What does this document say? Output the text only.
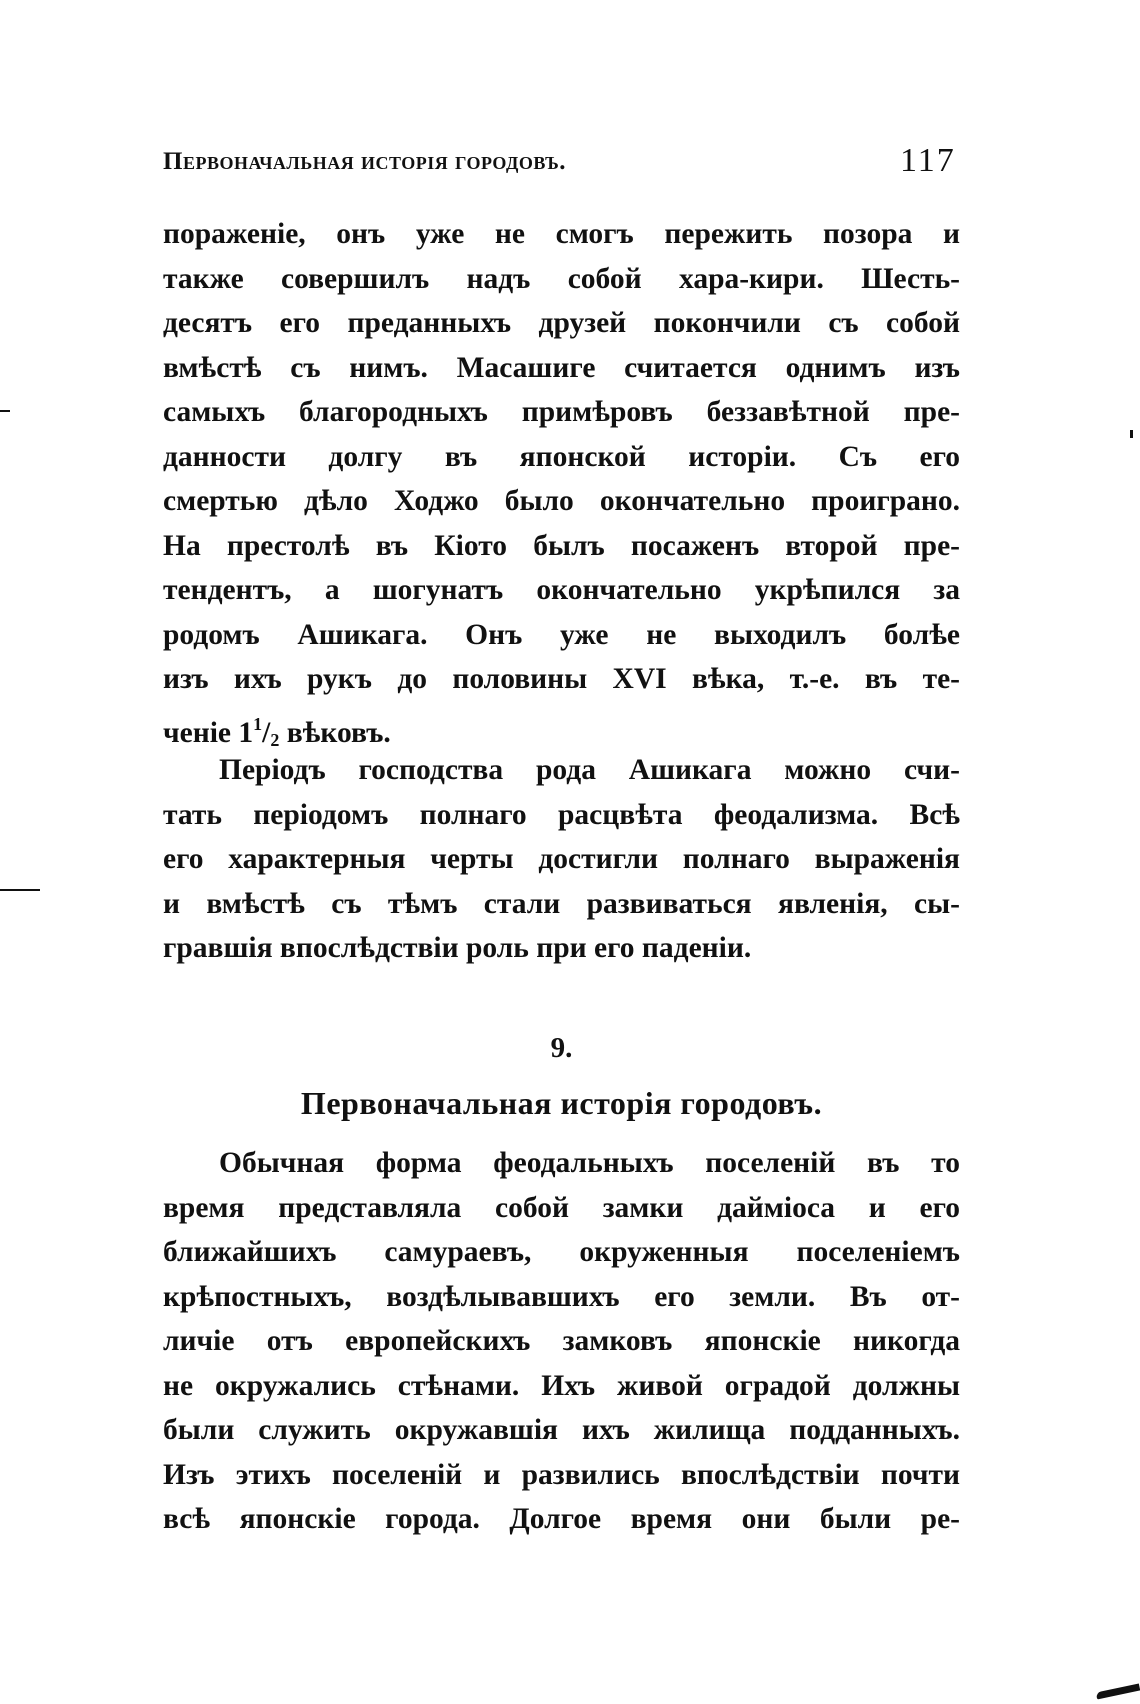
Первоначальная исторія городовъ.	117
пораженіе, онъ уже не смогъ пережить позора и
также совершилъ надъ собой хара-кири. Шесть-
десятъ его преданныхъ друзей покончили съ собой
вмѣстѣ съ нимъ. Масашиге считается однимъ изъ
самыхъ благородныхъ примѣровъ беззавѣтной пре-
данности долгу въ японской исторіи. Съ его
смертью дѣло Ходжо было окончательно проиграно.
На престолѣ въ Кіото былъ посаженъ второй пре-
тендентъ, а шогунатъ окончательно укрѣпился за
родомъ Ашикага. Онъ уже не выходилъ болѣе
изъ ихъ рукъ до половины XVI вѣка, т.-е. въ те-
ченіе $1^1/_2$ вѣковъ.
Періодъ господства рода Ашикага можно счи-
тать періодомъ полнаго расцвѣта феодализма. Всѣ
его характерныя черты достигли полнаго выраженія
и вмѣстѣ съ тѣмъ стали развиваться явленія, сы-
гравшія впослѣдствіи роль при его паденіи.
9.
Первоначальная исторія городовъ.
Обычная форма феодальныхъ поселеній въ то
время представляла собой замки дайміоса и его
ближайшихъ самураевъ, окруженныя поселеніемъ
крѣпостныхъ, воздѣлывавшихъ его земли. Въ от-
личіе отъ европейскихъ замковъ японскіе никогда
не окружались стѣнами. Ихъ живой оградой должны
были служить окружавшія ихъ жилища подданныхъ.
Изъ этихъ поселеній и развились впослѣдствіи почти
всѣ японскіе города. Долгое время они были ре-
